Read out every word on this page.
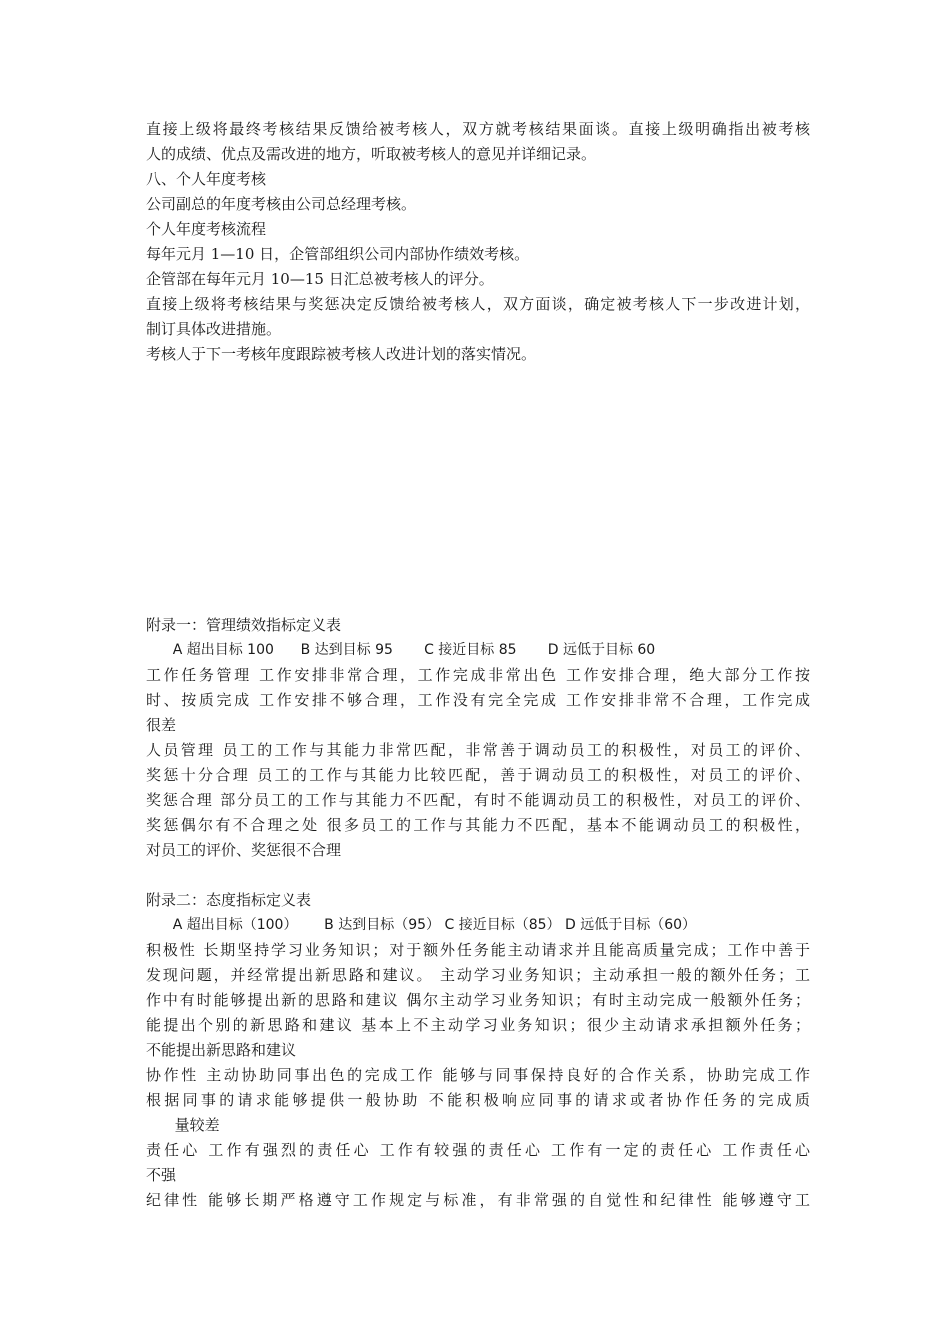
直接上级将最终考核结果反馈给被考核人，双方就考核结果面谈。直接上级明确指出被考核
人的成绩、优点及需改进的地方，听取被考核人的意见并详细记录。
八、个人年度考核
公司副总的年度考核由公司总经理考核。
个人年度考核流程
每年元月 1—10 日，企管部组织公司内部协作绩效考核。
企管部在每年元月 10—15 日汇总被考核人的评分。
直接上级将考核结果与奖惩决定反馈给被考核人，双方面谈，确定被考核人下一步改进计划，
制订具体改进措施。
考核人于下一考核年度跟踪被考核人改进计划的落实情况。
附录一：管理绩效指标定义表
A 超出目标 100      B 达到目标 95       C 接近目标 85       D 远低于目标 60
工作任务管理 工作安排非常合理，工作完成非常出色 工作安排合理，绝大部分工作按
时、按质完成 工作安排不够合理，工作没有完全完成 工作安排非常不合理，工作完成
很差
人员管理 员工的工作与其能力非常匹配，非常善于调动员工的积极性，对员工的评价、
奖惩十分合理 员工的工作与其能力比较匹配，善于调动员工的积极性，对员工的评价、
奖惩合理 部分员工的工作与其能力不匹配，有时不能调动员工的积极性，对员工的评价、
奖惩偶尔有不合理之处 很多员工的工作与其能力不匹配，基本不能调动员工的积极性，
对员工的评价、奖惩很不合理
附录二：态度指标定义表
A 超出目标（100）      B 达到目标（95） C 接近目标（85） D 远低于目标（60）
积极性 长期坚持学习业务知识；对于额外任务能主动请求并且能高质量完成；工作中善于
发现问题，并经常提出新思路和建议。 主动学习业务知识；主动承担一般的额外任务；工
作中有时能够提出新的思路和建议 偶尔主动学习业务知识；有时主动完成一般额外任务；
能提出个别的新思路和建议 基本上不主动学习业务知识；很少主动请求承担额外任务；
不能提出新思路和建议
协作性 主动协助同事出色的完成工作 能够与同事保持良好的合作关系，协助完成工作
根据同事的请求能够提供一般协助 不能积极响应同事的请求或者协作任务的完成质
量较差
责任心 工作有强烈的责任心 工作有较强的责任心 工作有一定的责任心 工作责任心
不强
纪律性 能够长期严格遵守工作规定与标准，有非常强的自觉性和纪律性 能够遵守工
